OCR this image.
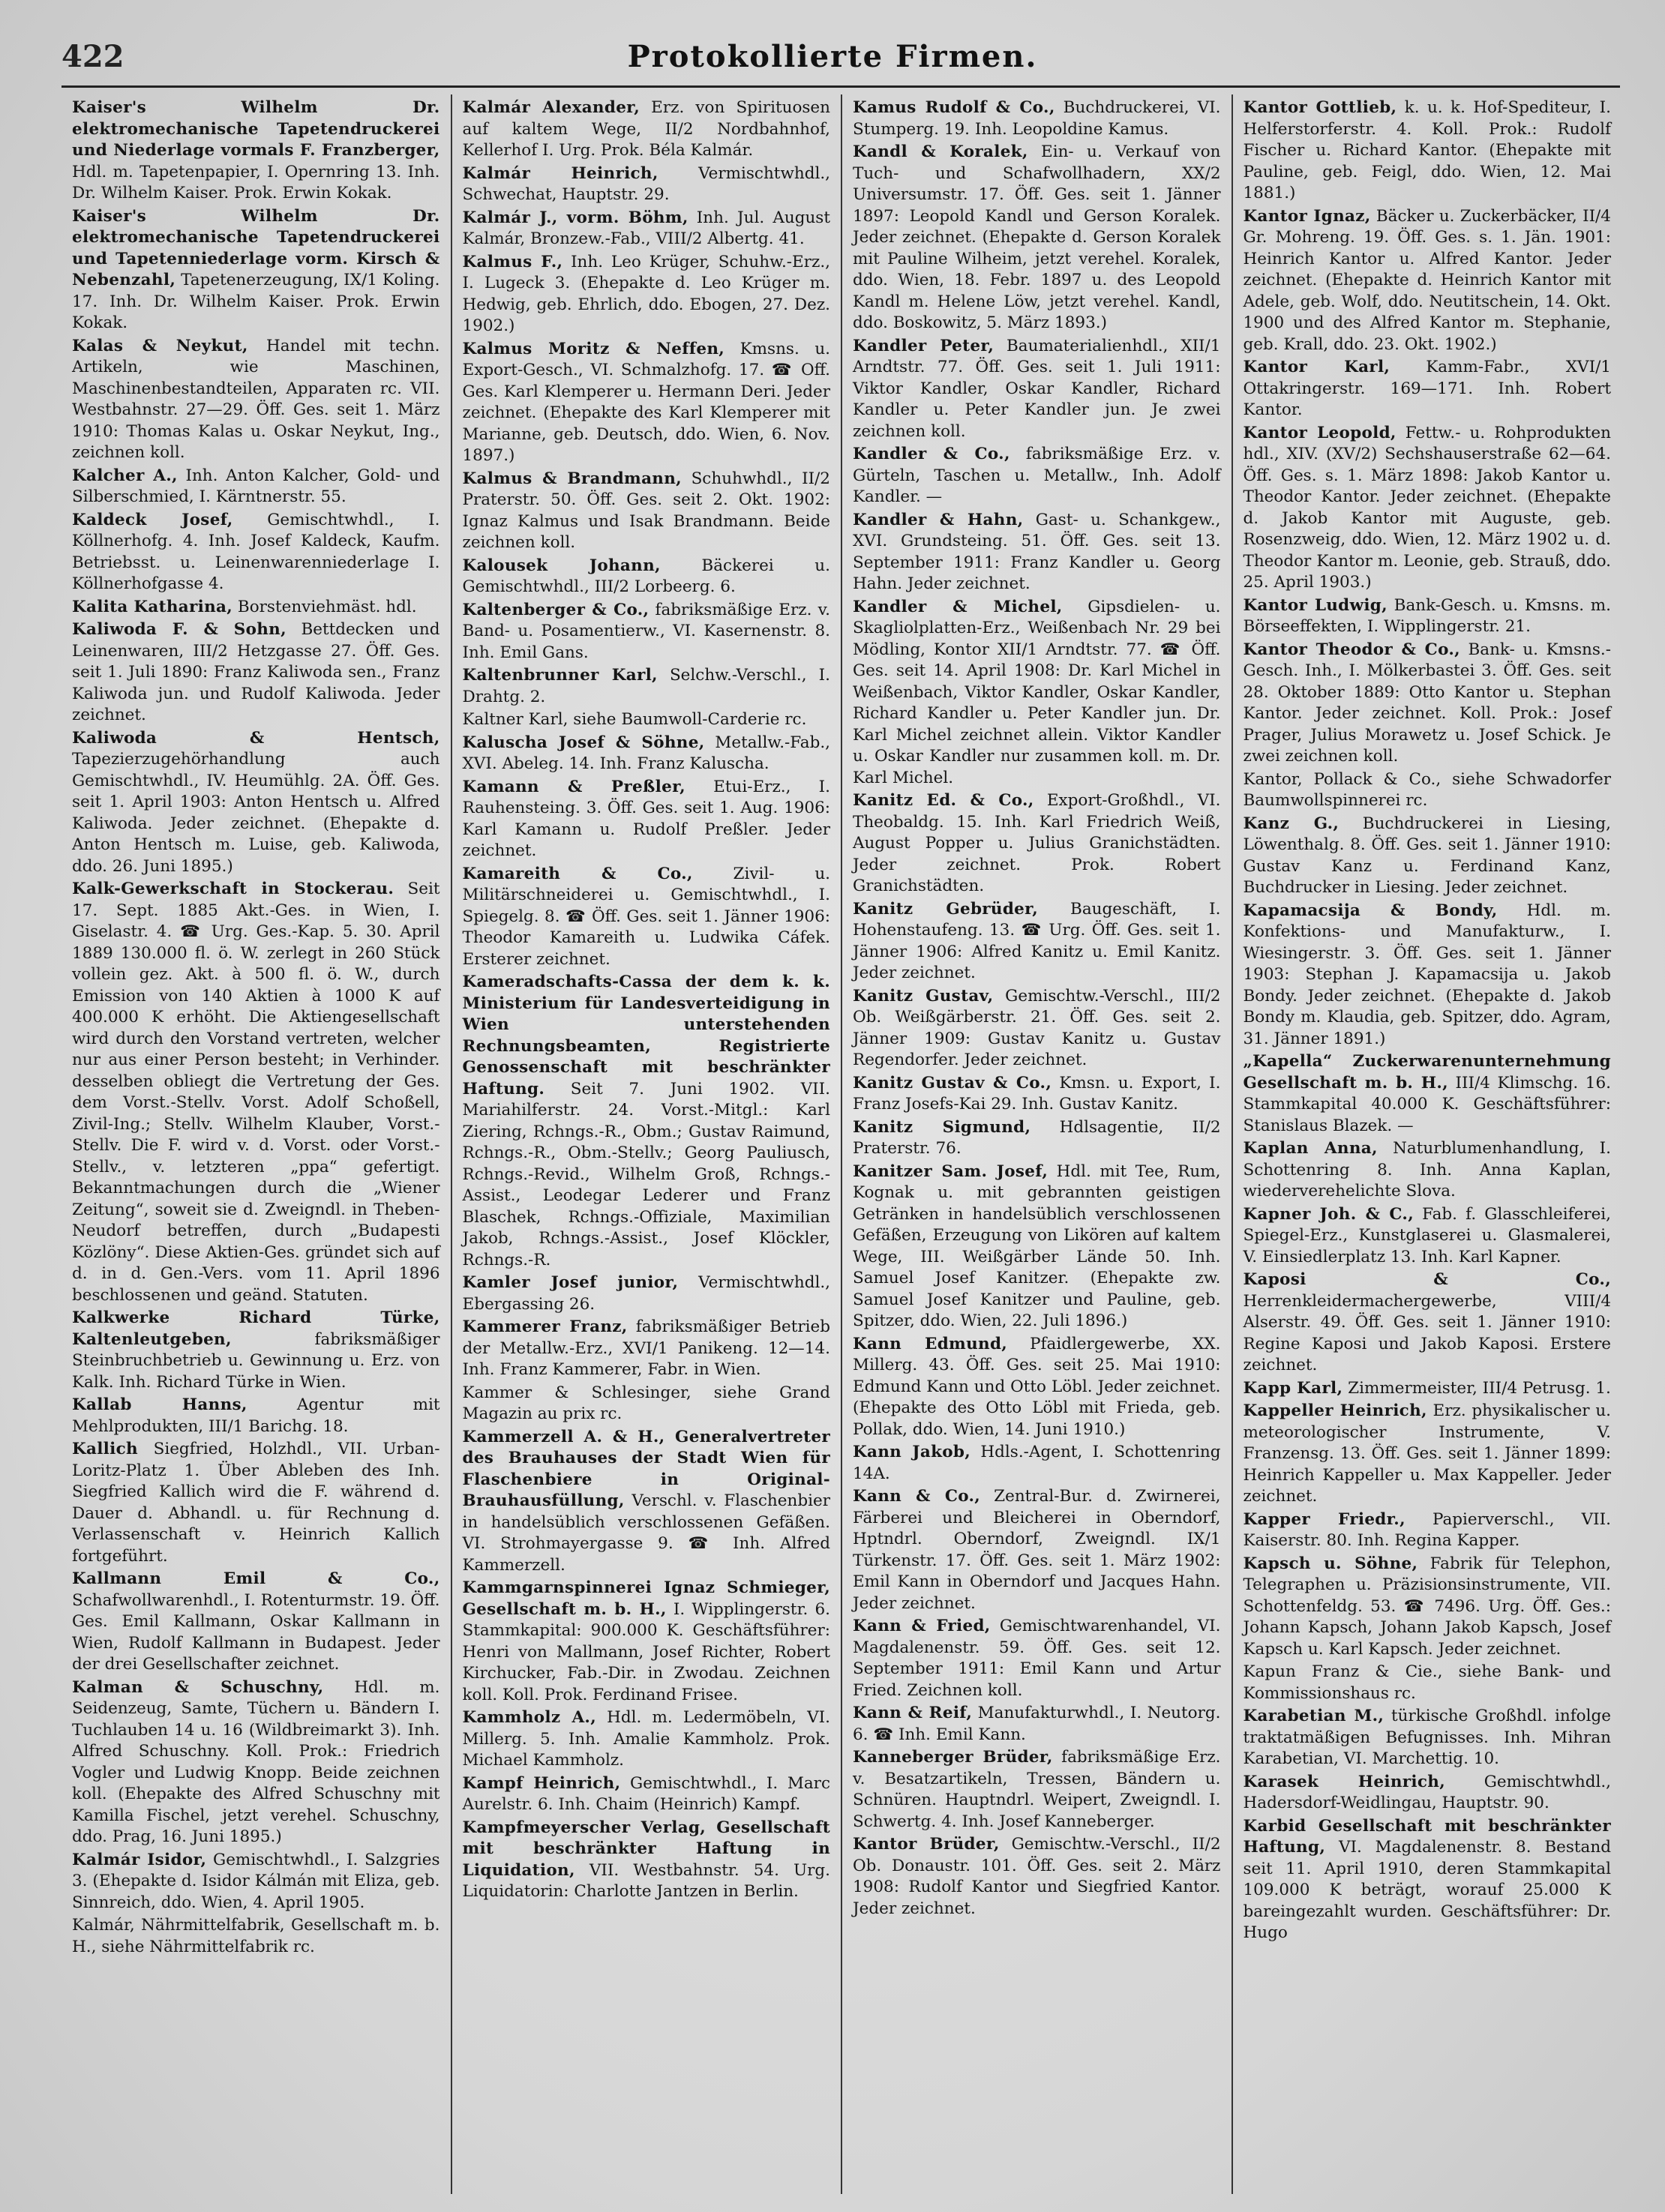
422	Protokollierte Firmen.

Kaiser's Wilhelm Dr. elektromechanische Tapetendruckerei und Niederlage vormals F. Franzberger, Hdl. m. Tapetenpapier, I. Opernring 13. Inh. Dr. Wilhelm Kaiser. Prok. Erwin Kokak.

Kaiser's Wilhelm Dr. elektromechanische Tapetendruckerei und Tapetenniederlage vorm. Kirsch & Nebenzahl, Tapetenerzeugung, IX/1 Koling. 17. Inh. Dr. Wilhelm Kaiser. Prok. Erwin Kokak.

Kalas & Neykut, Handel mit techn. Artikeln, wie Maschinen, Maschinenbestandteilen, Apparaten rc. VII. Westbahnstr. 27—29. Öff. Ges. seit 1. März 1910: Thomas Kalas u. Oskar Neykut, Ing., zeichnen koll.

Kalcher A., Inh. Anton Kalcher, Gold- und Silberschmied, I. Kärntnerstr. 55.

Kaldeck Josef, Gemischtwhdl., I. Köllnerhofg. 4. Inh. Josef Kaldeck, Kaufm. Betriebsst. u. Leinenwarenniederlage I. Köllnerhofgasse 4.

Kalita Katharina, Borstenviehmäst. hdl.

Kaliwoda F. & Sohn, Bettdecken und Leinenwaren, III/2 Hetzgasse 27. Öff. Ges. seit 1. Juli 1890: Franz Kaliwoda sen., Franz Kaliwoda jun. und Rudolf Kaliwoda. Jeder zeichnet.

Kaliwoda & Hentsch, Tapezierzugehörhandlung auch Gemischtwhdl., IV. Heumühlg. 2A. Öff. Ges. seit 1. April 1903: Anton Hentsch u. Alfred Kaliwoda. Jeder zeichnet. (Ehepakte d. Anton Hentsch m. Luise, geb. Kaliwoda, ddo. 26. Juni 1895.)

Kalk-Gewerkschaft in Stockerau. Seit 17. Sept. 1885 Akt.-Ges. in Wien, I. Giselastr. 4. ☎ Urg. Ges.-Kap. 5. 30. April 1889 130.000 fl. ö. W. zerlegt in 260 Stück vollein gez. Akt. à 500 fl. ö. W., durch Emission von 140 Aktien à 1000 K auf 400.000 K erhöht. Die Aktiengesellschaft wird durch den Vorstand vertreten, welcher nur aus einer Person besteht; in Verhinder. desselben obliegt die Vertretung der Ges. dem Vorst.-Stellv. Vorst. Adolf Schoßell, Zivil-Ing.; Stellv. Wilhelm Klauber, Vorst.-Stellv. Die F. wird v. d. Vorst. oder Vorst.-Stellv., v. letzteren „ppa“ gefertigt. Bekanntmachungen durch die „Wiener Zeitung“, soweit sie d. Zweigndl. in Theben-Neudorf betreffen, durch „Budapesti Közlöny“. Diese Aktien-Ges. gründet sich auf d. in d. Gen.-Vers. vom 11. April 1896 beschlossenen und geänd. Statuten.

Kalkwerke Richard Türke, Kaltenleutgeben,	fabriksmäßiger Steinbruchbetrieb u. Gewinnung u. Erz. von Kalk. Inh. Richard Türke in Wien.

Kallab Hanns,	Agentur mit Mehlprodukten, III/1 Barichg. 18.

Kallich Siegfried, Holzhdl., VII. Urban-Loritz-Platz 1. Über Ableben des Inh. Siegfried Kallich wird die F. während d. Dauer d. Abhandl. u. für Rechnung d. Verlassenschaft v. Heinrich Kallich fortgeführt.

Kallmann Emil & Co., Schafwollwarenhdl., I. Rotenturmstr. 19. Öff. Ges. Emil Kallmann, Oskar Kallmann in Wien, Rudolf Kallmann in Budapest. Jeder der drei Gesellschafter zeichnet.

Kalman & Schuschny, Hdl. m. Seidenzeug, Samte, Tüchern u. Bändern I. Tuchlauben 14 u. 16 (Wildbreimarkt 3). Inh. Alfred Schuschny. Koll. Prok.: Friedrich Vogler und Ludwig Knopp. Beide zeichnen koll. (Ehepakte des Alfred Schuschny mit Kamilla Fischel, jetzt verehel. Schuschny, ddo. Prag, 16. Juni 1895.)

Kalmár Isidor, Gemischtwhdl., I. Salzgries 3. (Ehepakte d. Isidor Kálmán mit Eliza, geb. Sinnreich, ddo. Wien, 4. April 1905.

Kalmár, Nährmittelfabrik, Gesellschaft m. b. H., siehe Nährmittelfabrik rc.

Kalmár Alexander, Erz. von Spirituosen auf kaltem Wege, II/2 Nordbahnhof, Kellerhof I. Urg. Prok. Béla Kalmár.

Kalmár Heinrich, Vermischtwhdl., Schwechat, Hauptstr. 29.

Kalmár J., vorm. Böhm, Inh. Jul. August Kalmár, Bronzew.-Fab., VIII/2 Albertg. 41.

Kalmus F., Inh. Leo Krüger, Schuhw.-Erz., I. Lugeck 3. (Ehepakte d. Leo Krüger m. Hedwig, geb. Ehrlich, ddo. Ebogen, 27. Dez. 1902.)

Kalmus Moritz & Neffen, Kmsns. u. Export-Gesch., VI. Schmalzhofg. 17. ☎ Off. Ges. Karl Klemperer u. Hermann Deri. Jeder zeichnet. (Ehepakte des Karl Klemperer mit Marianne, geb. Deutsch, ddo. Wien, 6. Nov. 1897.)

Kalmus & Brandmann, Schuhwhdl., II/2 Praterstr. 50. Öff. Ges. seit 2. Okt. 1902: Ignaz Kalmus und Isak Brandmann. Beide zeichnen koll.

Kalousek Johann,	Bäckerei u. Gemischtwhdl., III/2 Lorbeerg. 6.

Kaltenberger & Co., fabriksmäßige Erz. v. Band- u. Posamentierw., VI. Kasernenstr. 8. Inh. Emil Gans.

Kaltenbrunner Karl, Selchw.-Verschl., I. Drahtg. 2.

Kaltner Karl, siehe Baumwoll-Carderie rc.

Kaluscha Josef & Söhne, Metallw.-Fab., XVI. Abeleg. 14. Inh. Franz Kaluscha.

Kamann & Preßler, Etui-Erz., I. Rauhensteing. 3. Öff. Ges. seit 1. Aug. 1906: Karl Kamann u. Rudolf Preßler. Jeder zeichnet.

Kamareith & Co.,	Zivil- u. Militärschneiderei u. Gemischtwhdl., I. Spiegelg. 8. ☎ Öff. Ges. seit 1. Jänner 1906: Theodor Kamareith u. Ludwika Cáfek. Ersterer zeichnet.

Kameradschafts-Cassa der dem k. k. Ministerium für Landesverteidigung in Wien unterstehenden Rechnungsbeamten, Registrierte Genossenschaft mit beschränkter Haftung. Seit 7. Juni 1902. VII. Mariahilferstr. 24. Vorst.-Mitgl.: Karl Ziering, Rchngs.-R., Obm.; Gustav Raimund, Rchngs.-R., Obm.-Stellv.; Georg Pauliusch, Rchngs.-Revid., Wilhelm Groß, Rchngs.-Assist., Leodegar Lederer und Franz Blaschek, Rchngs.-Offiziale, Maximilian Jakob, Rchngs.-Assist., Josef Klöckler, Rchngs.-R.

Kamler Josef junior, Vermischtwhdl., Ebergassing 26.

Kammerer Franz, fabriksmäßiger Betrieb der Metallw.-Erz., XVI/1 Panikeng. 12—14. Inh. Franz Kammerer, Fabr. in Wien.

Kammer & Schlesinger, siehe Grand Magazin au prix rc.

Kammerzell A. & H., Generalvertreter des Brauhauses der Stadt Wien für Flaschenbiere in Original-Brauhausfüllung, Verschl. v. Flaschenbier in handelsüblich verschlossenen Gefäßen. VI. Strohmayergasse 9. ☎ Inh. Alfred Kammerzell.

Kammgarnspinnerei Ignaz Schmieger, Gesellschaft m. b. H., I. Wipplingerstr. 6. Stammkapital: 900.000 K. Geschäftsführer: Henri von Mallmann, Josef Richter, Robert Kirchucker, Fab.-Dir. in Zwodau. Zeichnen koll. Koll. Prok. Ferdinand Frisee.

Kammholz A., Hdl. m. Ledermöbeln, VI. Millerg. 5. Inh. Amalie Kammholz. Prok. Michael Kammholz.

Kampf Heinrich, Gemischtwhdl., I. Marc Aurelstr. 6. Inh. Chaim (Heinrich) Kampf.

Kampfmeyerscher Verlag, Gesellschaft mit beschränkter Haftung in Liquidation, VII. Westbahnstr. 54. Urg. Liquidatorin: Charlotte Jantzen in Berlin.

Kamus Rudolf & Co., Buchdruckerei, VI. Stumperg. 19. Inh. Leopoldine Kamus.

Kandl & Koralek, Ein- u. Verkauf von Tuch- und Schafwollhadern, XX/2 Universumstr. 17. Öff. Ges. seit 1. Jänner 1897: Leopold Kandl und Gerson Koralek. Jeder zeichnet. (Ehepakte d. Gerson Koralek mit Pauline Wilheim, jetzt verehel. Koralek, ddo. Wien, 18. Febr. 1897 u. des Leopold Kandl m. Helene Löw, jetzt verehel. Kandl, ddo. Boskowitz, 5. März 1893.)

Kandler Peter, Baumaterialienhdl., XII/1 Arndtstr. 77. Öff. Ges. seit 1. Juli 1911: Viktor Kandler, Oskar Kandler, Richard Kandler u. Peter Kandler jun. Je zwei zeichnen koll.

Kandler & Co., fabriksmäßige Erz. v. Gürteln, Taschen u. Metallw., Inh. Adolf Kandler. —

Kandler & Hahn, Gast- u. Schankgew., XVI. Grundsteing. 51. Öff. Ges. seit 13. September 1911: Franz Kandler u. Georg Hahn. Jeder zeichnet.

Kandler & Michel, Gipsdielen- u. Skagliolplatten-Erz., Weißenbach Nr. 29 bei Mödling, Kontor XII/1 Arndtstr. 77. ☎ Öff. Ges. seit 14. April 1908: Dr. Karl Michel in Weißenbach, Viktor Kandler, Oskar Kandler, Richard Kandler u. Peter Kandler jun. Dr. Karl Michel zeichnet allein. Viktor Kandler u. Oskar Kandler nur zusammen koll. m. Dr. Karl Michel.

Kanitz Ed. & Co., Export-Großhdl., VI. Theobaldg. 15. Inh. Karl Friedrich Weiß, August Popper u. Julius Granichstädten. Jeder zeichnet. Prok. Robert Granichstädten.

Kanitz Gebrüder, Baugeschäft, I. Hohenstaufeng. 13. ☎ Urg. Öff. Ges. seit 1. Jänner 1906: Alfred Kanitz u. Emil Kanitz. Jeder zeichnet.

Kanitz Gustav, Gemischtw.-Verschl., III/2 Ob. Weißgärberstr. 21. Öff. Ges. seit 2. Jänner 1909: Gustav Kanitz u. Gustav Regendorfer. Jeder zeichnet.

Kanitz Gustav & Co., Kmsn. u. Export, I. Franz Josefs-Kai 29. Inh. Gustav Kanitz.

Kanitz Sigmund, Hdlsagentie, II/2 Praterstr. 76.

Kanitzer Sam. Josef, Hdl. mit Tee, Rum, Kognak u. mit gebrannten geistigen Getränken in handelsüblich verschlossenen Gefäßen, Erzeugung von Likören auf kaltem Wege, III. Weißgärber Lände 50. Inh. Samuel Josef Kanitzer. (Ehepakte zw. Samuel Josef Kanitzer und Pauline, geb. Spitzer, ddo. Wien, 22. Juli 1896.)

Kann Edmund, Pfaidlergewerbe, XX. Millerg. 43. Öff. Ges. seit 25. Mai 1910: Edmund Kann und Otto Löbl. Jeder zeichnet. (Ehepakte des Otto Löbl mit Frieda, geb. Pollak, ddo. Wien, 14. Juni 1910.)

Kann Jakob, Hdls.-Agent, I. Schottenring 14A.

Kann & Co., Zentral-Bur. d. Zwirnerei, Färberei und Bleicherei in Oberndorf, Hptndrl. Oberndorf, Zweigndl. IX/1 Türkenstr. 17. Öff. Ges. seit 1. März 1902: Emil Kann in Oberndorf und Jacques Hahn. Jeder zeichnet.

Kann & Fried, Gemischtwarenhandel, VI. Magdalenenstr. 59. Öff. Ges. seit 12. September 1911: Emil Kann und Artur Fried. Zeichnen koll.

Kann & Reif, Manufakturwhdl., I. Neutorg. 6. ☎ Inh. Emil Kann.

Kanneberger Brüder, fabriksmäßige Erz. v. Besatzartikeln, Tressen, Bändern u. Schnüren. Hauptndrl. Weipert, Zweigndl. I. Schwertg. 4. Inh. Josef Kanneberger.

Kantor Brüder, Gemischtw.-Verschl., II/2 Ob. Donaustr. 101. Öff. Ges. seit 2. März 1908: Rudolf Kantor und Siegfried Kantor. Jeder zeichnet.

Kantor Gottlieb, k. u. k. Hof-Spediteur, I. Helferstorferstr. 4. Koll. Prok.: Rudolf Fischer u. Richard Kantor. (Ehepakte mit Pauline, geb. Feigl, ddo. Wien, 12. Mai 1881.)

Kantor Ignaz, Bäcker u. Zuckerbäcker, II/4 Gr. Mohreng. 19. Öff. Ges. s. 1. Jän. 1901: Heinrich Kantor u. Alfred Kantor. Jeder zeichnet. (Ehepakte d. Heinrich Kantor mit Adele, geb. Wolf, ddo. Neutitschein, 14. Okt. 1900 und des Alfred Kantor m. Stephanie, geb. Krall, ddo. 23. Okt. 1902.)

Kantor Karl, Kamm-Fabr., XVI/1 Ottakringerstr. 169—171. Inh. Robert Kantor.

Kantor Leopold, Fettw.- u. Rohprodukten hdl., XIV. (XV/2) Sechshauserstraße 62—64. Öff. Ges. s. 1. März 1898: Jakob Kantor u. Theodor Kantor. Jeder zeichnet. (Ehepakte d. Jakob Kantor mit Auguste, geb. Rosenzweig, ddo. Wien, 12. März 1902 u. d. Theodor Kantor m. Leonie, geb. Strauß, ddo. 25. April 1903.)

Kantor Ludwig, Bank-Gesch. u. Kmsns. m. Börseeffekten, I. Wipplingerstr. 21.

Kantor Theodor & Co., Bank- u. Kmsns.-Gesch. Inh., I. Mölkerbastei 3. Öff. Ges. seit 28. Oktober 1889: Otto Kantor u. Stephan Kantor. Jeder zeichnet. Koll. Prok.: Josef Prager, Julius Morawetz u. Josef Schick. Je zwei zeichnen koll.

Kantor, Pollack & Co., siehe Schwadorfer Baumwollspinnerei rc.

Kanz G., Buchdruckerei in Liesing, Löwenthalg. 8. Öff. Ges. seit 1. Jänner 1910: Gustav Kanz u. Ferdinand Kanz, Buchdrucker in Liesing. Jeder zeichnet.

Kapamacsija & Bondy, Hdl. m. Konfektions- und Manufakturw., I. Wiesingerstr. 3. Öff. Ges. seit 1. Jänner 1903: Stephan J. Kapamacsija u. Jakob Bondy. Jeder zeichnet. (Ehepakte d. Jakob Bondy m. Klaudia, geb. Spitzer, ddo. Agram, 31. Jänner 1891.)

„Kapella“ Zuckerwarenunternehmung Gesellschaft m. b. H., III/4 Klimschg. 16. Stammkapital 40.000 K. Geschäftsführer: Stanislaus Blazek. —

Kaplan Anna, Naturblumenhandlung, I. Schottenring 8. Inh. Anna Kaplan, wiederverehelichte Slova.

Kapner Joh. & C., Fab. f. Glasschleiferei, Spiegel-Erz., Kunstglaserei u. Glasmalerei, V. Einsiedlerplatz 13. Inh. Karl Kapner.

Kaposi & Co., Herrenkleidermachergewerbe, VIII/4 Alserstr. 49. Öff. Ges. seit 1. Jänner 1910: Regine Kaposi und Jakob Kaposi. Erstere zeichnet.

Kapp Karl, Zimmermeister, III/4 Petrusg. 1.

Kappeller Heinrich, Erz. physikalischer u. meteorologischer Instrumente, V. Franzensg. 13. Öff. Ges. seit 1. Jänner 1899: Heinrich Kappeller u. Max Kappeller. Jeder zeichnet.

Kapper Friedr., Papierverschl., VII. Kaiserstr. 80. Inh. Regina Kapper.

Kapsch u. Söhne, Fabrik für Telephon, Telegraphen u. Präzisionsinstrumente, VII. Schottenfeldg. 53. ☎ 7496. Urg. Öff. Ges.: Johann Kapsch, Johann Jakob Kapsch, Josef Kapsch u. Karl Kapsch. Jeder zeichnet.

Kapun Franz & Cie., siehe Bank- und Kommissionshaus rc.

Karabetian M., türkische Großhdl. infolge traktatmäßigen Befugnisses. Inh. Mihran Karabetian, VI. Marchettig. 10.

Karasek Heinrich, Gemischtwhdl., Hadersdorf-Weidlingau, Hauptstr. 90.

Karbid Gesellschaft mit beschränkter Haftung, VI. Magdalenenstr. 8. Bestand seit 11. April 1910, deren Stammkapital 109.000 K beträgt, worauf 25.000 K bareingezahlt wurden. Geschäftsführer: Dr. Hugo
